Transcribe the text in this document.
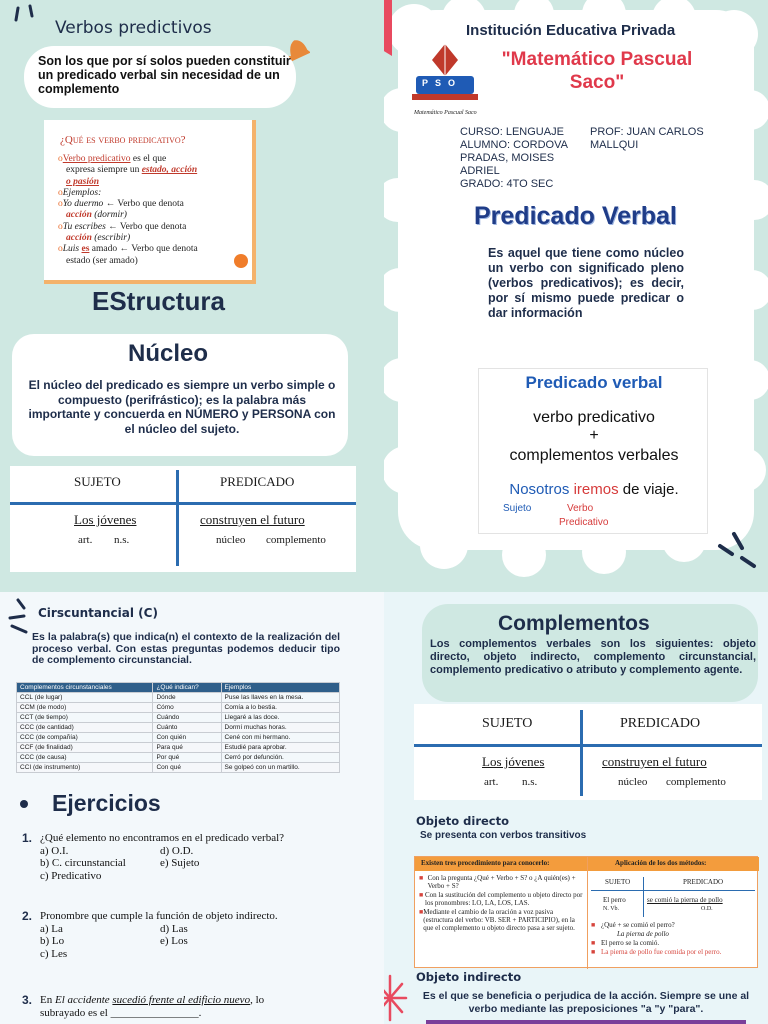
Verbos predictivos
Son los que por sí solos pueden constituir un predicado verbal sin necesidad de un complemento
¿Qué es verbo predicativo?
oVerbo predicativo es el que
expresa siempre un estado, acción
o pasión
oEjemplos:
oYo duermo ← Verbo que denota
acción (dormir)
oTu escribes ← Verbo que denota
acción (escribir)
oLuis es amado ← Verbo que denota
estado (ser amado)
EStructura
Núcleo
El núcleo del predicado es siempre un verbo simple o compuesto (perifrástico); es la palabra más importante y concuerda en NÚMERO y PERSONA con el núcleo del sujeto.
SUJETO	PREDICADO
Los jóvenes	construyen el futuro
art. n.s.	núcleo complemento
Institución Educativa Privada
PSO
Matemático Pascual Saco
"Matemático Pascual Saco"
CURSO: LENGUAJE
ALUMNO: CORDOVA
PRADAS, MOISES
ADRIEL
GRADO: 4TO SEC
PROF: JUAN CARLOS
MALLQUI
Predicado Verbal
Es aquel que tiene como núcleo un verbo con significado pleno (verbos predicativos); es decir, por sí mismo puede predicar o dar información
Predicado verbal
verbo predicativo
+
complementos verbales
Nosotros iremos de viaje.
Sujeto	Verbo
Predicativo
Cirscuntancial (C)
Es la palabra(s) que indica(n) el contexto de la realización del proceso verbal. Con estas preguntas podemos deducir tipo de complemento circunstancial.
Complementos circunstanciales	¿Qué indican?	Ejemplos
CCL (de lugar)	Dónde	Puse las llaves en la mesa.
CCM (de modo)	Cómo	Comía a lo bestia.
CCT (de tiempo)	Cuándo	Llegaré a las doce.
CCC (de cantidad)	Cuánto	Dormí muchas horas.
CCC (de compañía)	Con quién	Cené con mi hermano.
CCF (de finalidad)	Para qué	Estudié para aprobar.
CCC (de causa)	Por qué	Cerró por defunción.
CCI (de instrumento)	Con qué	Se golpeó con un martillo.
Ejercicios
1. ¿Qué elemento no encontramos en el predicado verbal?
a) O.I.	d) O.D.
b) C. circunstancial	e) Sujeto
c) Predicativo
2. Pronombre que cumple la función de objeto indirecto.
a) La	d) Las
b) Lo	e) Los
c) Les
3. En El accidente sucedió frente al edificio nuevo, lo
subrayado es el ________________.
Complementos
Los complementos verbales son los siguientes: objeto directo, objeto indirecto, complemento circunstancial, complemento predicativo o atributo y complemento agente.
SUJETO	PREDICADO
Los jóvenes	construyen el futuro
art. n.s.	núcleo complemento
Objeto directo
Se presenta con verbos transitivos
Existen tres procedimiento para conocerlo:	Aplicación de los dos métodos:
■ Con la pregunta ¿Qué + Verbo + S? o ¿A quién(es) + Verbo + S?
■ Con la sustitución del complemento u objeto directo por los pronombres: LO, LA, LOS, LAS.
■ Mediante el cambio de la oración a voz pasiva (estructura del verbo: VB. SER + PARTICIPIO), en la que el complemento u objeto directo pasa a ser sujeto.
SUJETO	PREDICADO
El perro	se comió la pierna de pollo
N. Vb.	O.D.
■ ¿Qué + se comió el perro?
La pierna de pollo
■ El perro se la comió.
■ La pierna de pollo fue comida por el perro.
Objeto indirecto
Es el que se beneficia o perjudica de la acción. Siempre se une al verbo mediante las preposiciones "a "y "para".
